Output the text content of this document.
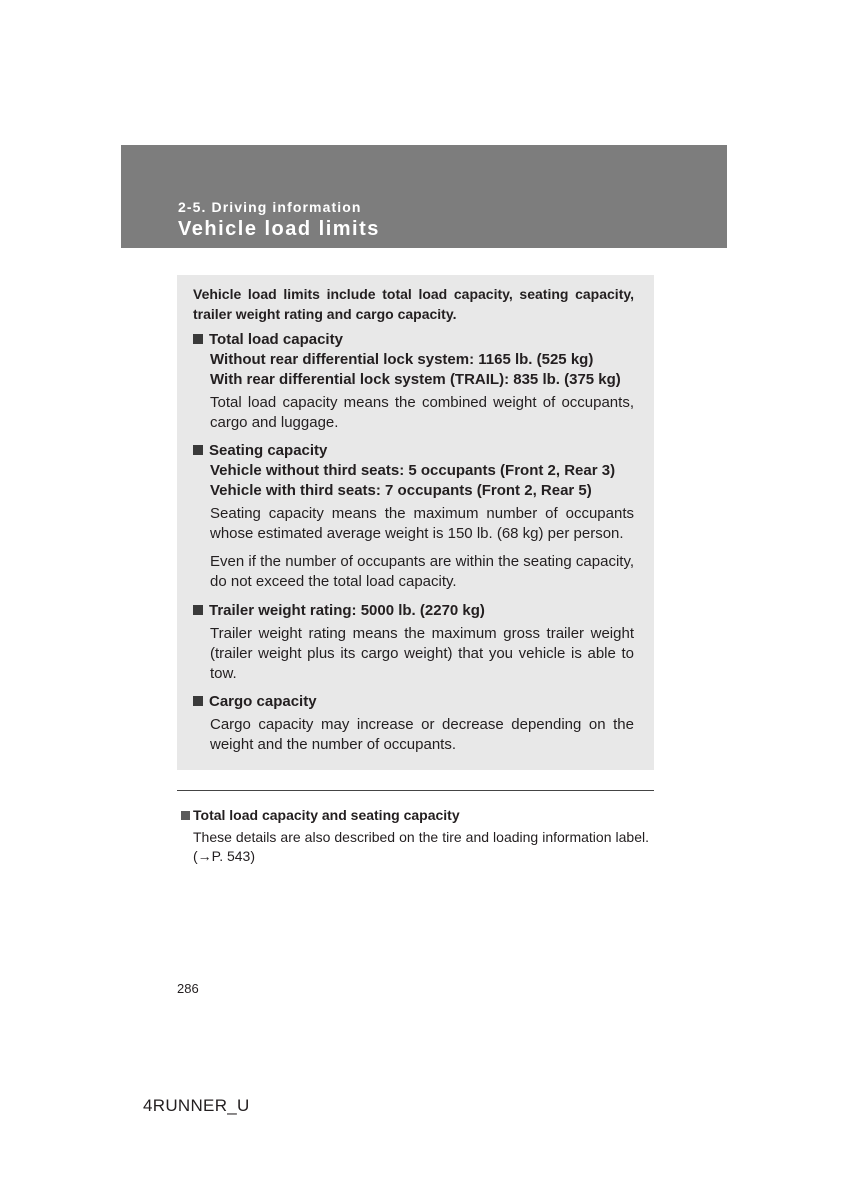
2-5. Driving information
Vehicle load limits
Vehicle load limits include total load capacity, seating capacity, trailer weight rating and cargo capacity.
Total load capacity
Without rear differential lock system: 1165 lb. (525 kg)
With rear differential lock system (TRAIL): 835 lb. (375 kg)
Total load capacity means the combined weight of occupants, cargo and luggage.
Seating capacity
Vehicle without third seats: 5 occupants (Front 2, Rear 3)
Vehicle with third seats: 7 occupants (Front 2, Rear 5)
Seating capacity means the maximum number of occupants whose estimated average weight is 150 lb. (68 kg) per person.
Even if the number of occupants are within the seating capacity, do not exceed the total load capacity.
Trailer weight rating: 5000 lb. (2270 kg)
Trailer weight rating means the maximum gross trailer weight (trailer weight plus its cargo weight) that you vehicle is able to tow.
Cargo capacity
Cargo capacity may increase or decrease depending on the weight and the number of occupants.
Total load capacity and seating capacity
These details are also described on the tire and loading information label. (→P. 543)
286
4RUNNER_U
